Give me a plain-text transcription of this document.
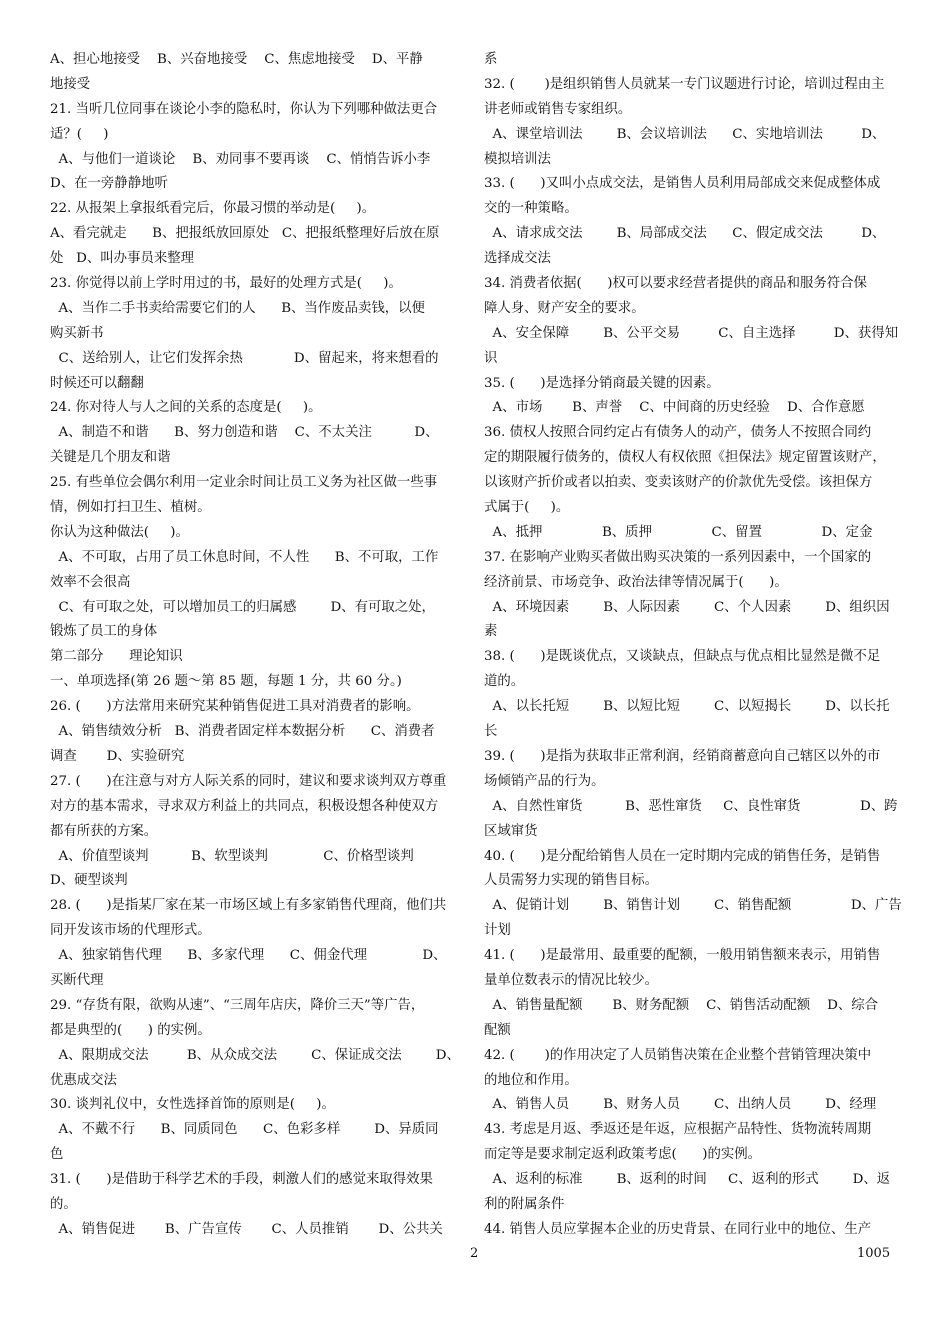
A、担心地接受    B、兴奋地接受    C、焦虑地接受    D、平静
地接受
21. 当听几位同事在谈论小李的隐私时，你认为下列哪种做法更合
适？(     )
A、与他们一道谈论    B、劝同事不要再谈    C、悄悄告诉小李
D、在一旁静静地听
22. 从报架上拿报纸看完后，你最习惯的举动是(     )。
A、看完就走      B、把报纸放回原处   C、把报纸整理好后放在原
处   D、叫办事员来整理
23. 你觉得以前上学时用过的书，最好的处理方式是(     )。
A、当作二手书卖给需要它们的人      B、当作废品卖钱，以便
购买新书
C、送给别人，让它们发挥余热            D、留起来，将来想看的
时候还可以翻翻
24. 你对待人与人之间的关系的态度是(     )。
A、制造不和谐      B、努力创造和谐    C、不太关注          D、
关键是几个朋友和谐
25. 有些单位会偶尔利用一定业余时间让员工义务为社区做一些事
情，例如打扫卫生、植树。
你认为这种做法(     )。
A、不可取，占用了员工休息时间，不人性      B、不可取，工作
效率不会很高
C、有可取之处，可以增加员工的归属感        D、有可取之处，
锻炼了员工的身体
第二部分      理论知识
一、单项选择(第 26 题～第 85 题，每题 1 分，共 60 分。)
26. (      )方法常用来研究某种销售促进工具对消费者的影响。
A、销售绩效分析   B、消费者固定样本数据分析      C、消费者
调查       D、实验研究
27. (      )在注意与对方人际关系的同时，建议和要求谈判双方尊重
对方的基本需求，寻求双方利益上的共同点，积极设想各种使双方
都有所获的方案。
A、价值型谈判          B、软型谈判             C、价格型谈判
D、硬型谈判
28. (      )是指某厂家在某一市场区域上有多家销售代理商，他们共
同开发该市场的代理形式。
A、独家销售代理      B、多家代理      C、佣金代理             D、
买断代理
29. “存货有限，欲购从速”、“三周年店庆，降价三天”等广告，
都是典型的(      ) 的实例。
A、限期成交法         B、从众成交法        C、保证成交法        D、
优惠成交法
30. 谈判礼仪中，女性选择首饰的原则是(     )。
A、不戴不行      B、同质同色      C、色彩多样        D、异质同
色
31. (      )是借助于科学艺术的手段，刺激人们的感觉来取得效果
的。
A、销售促进       B、广告宣传       C、人员推销       D、公共关
系
32. (       )是组织销售人员就某一专门议题进行讨论，培训过程由主
讲老师或销售专家组织。
A、课堂培训法        B、会议培训法      C、实地培训法         D、
模拟培训法
33. (      )又叫小点成交法，是销售人员利用局部成交来促成整体成
交的一种策略。
A、请求成交法        B、局部成交法      C、假定成交法         D、
选择成交法
34. 消费者依据(      )权可以要求经营者提供的商品和服务符合保
障人身、财产安全的要求。
A、安全保障        B、公平交易         C、自主选择         D、获得知
识
35. (      )是选择分销商最关键的因素。
A、市场       B、声誉    C、中间商的历史经验    D、合作意愿
36. 债权人按照合同约定占有债务人的动产，债务人不按照合同约
定的期限履行债务的，债权人有权依照《担保法》规定留置该财产，
以该财产折价或者以拍卖、变卖该财产的价款优先受偿。该担保方
式属于(     )。
A、抵押              B、质押              C、留置              D、定金
37. 在影响产业购买者做出购买决策的一系列因素中，一个国家的
经济前景、市场竞争、政治法律等情况属于(      )。
A、环境因素        B、人际因素        C、个人因素        D、组织因
素
38. (      )是既谈优点，又谈缺点，但缺点与优点相比显然是微不足
道的。
A、以长托短        B、以短比短        C、以短揭长        D、以长托
长
39. (      )是指为获取非正常利润，经销商蓄意向自己辖区以外的市
场倾销产品的行为。
A、自然性窜货          B、恶性窜货     C、良性窜货              D、跨
区域窜货
40. (      )是分配给销售人员在一定时期内完成的销售任务，是销售
人员需努力实现的销售目标。
A、促销计划        B、销售计划        C、销售配额              D、广告
计划
41. (      )是最常用、最重要的配额，一般用销售额来表示，用销售
量单位数表示的情况比较少。
A、销售量配额       B、财务配额    C、销售活动配额    D、综合
配额
42. (       )的作用决定了人员销售决策在企业整个营销管理决策中
的地位和作用。
A、销售人员        B、财务人员        C、出纳人员        D、经理
43. 考虑是月返、季返还是年返，应根据产品特性、货物流转周期
而定等是要求制定返利政策考虑(      )的实例。
A、返利的标准        B、返利的时间     C、返利的形式        D、返
利的附属条件
44. 销售人员应掌握本企业的历史背景、在同行业中的地位、生产
2	1005
